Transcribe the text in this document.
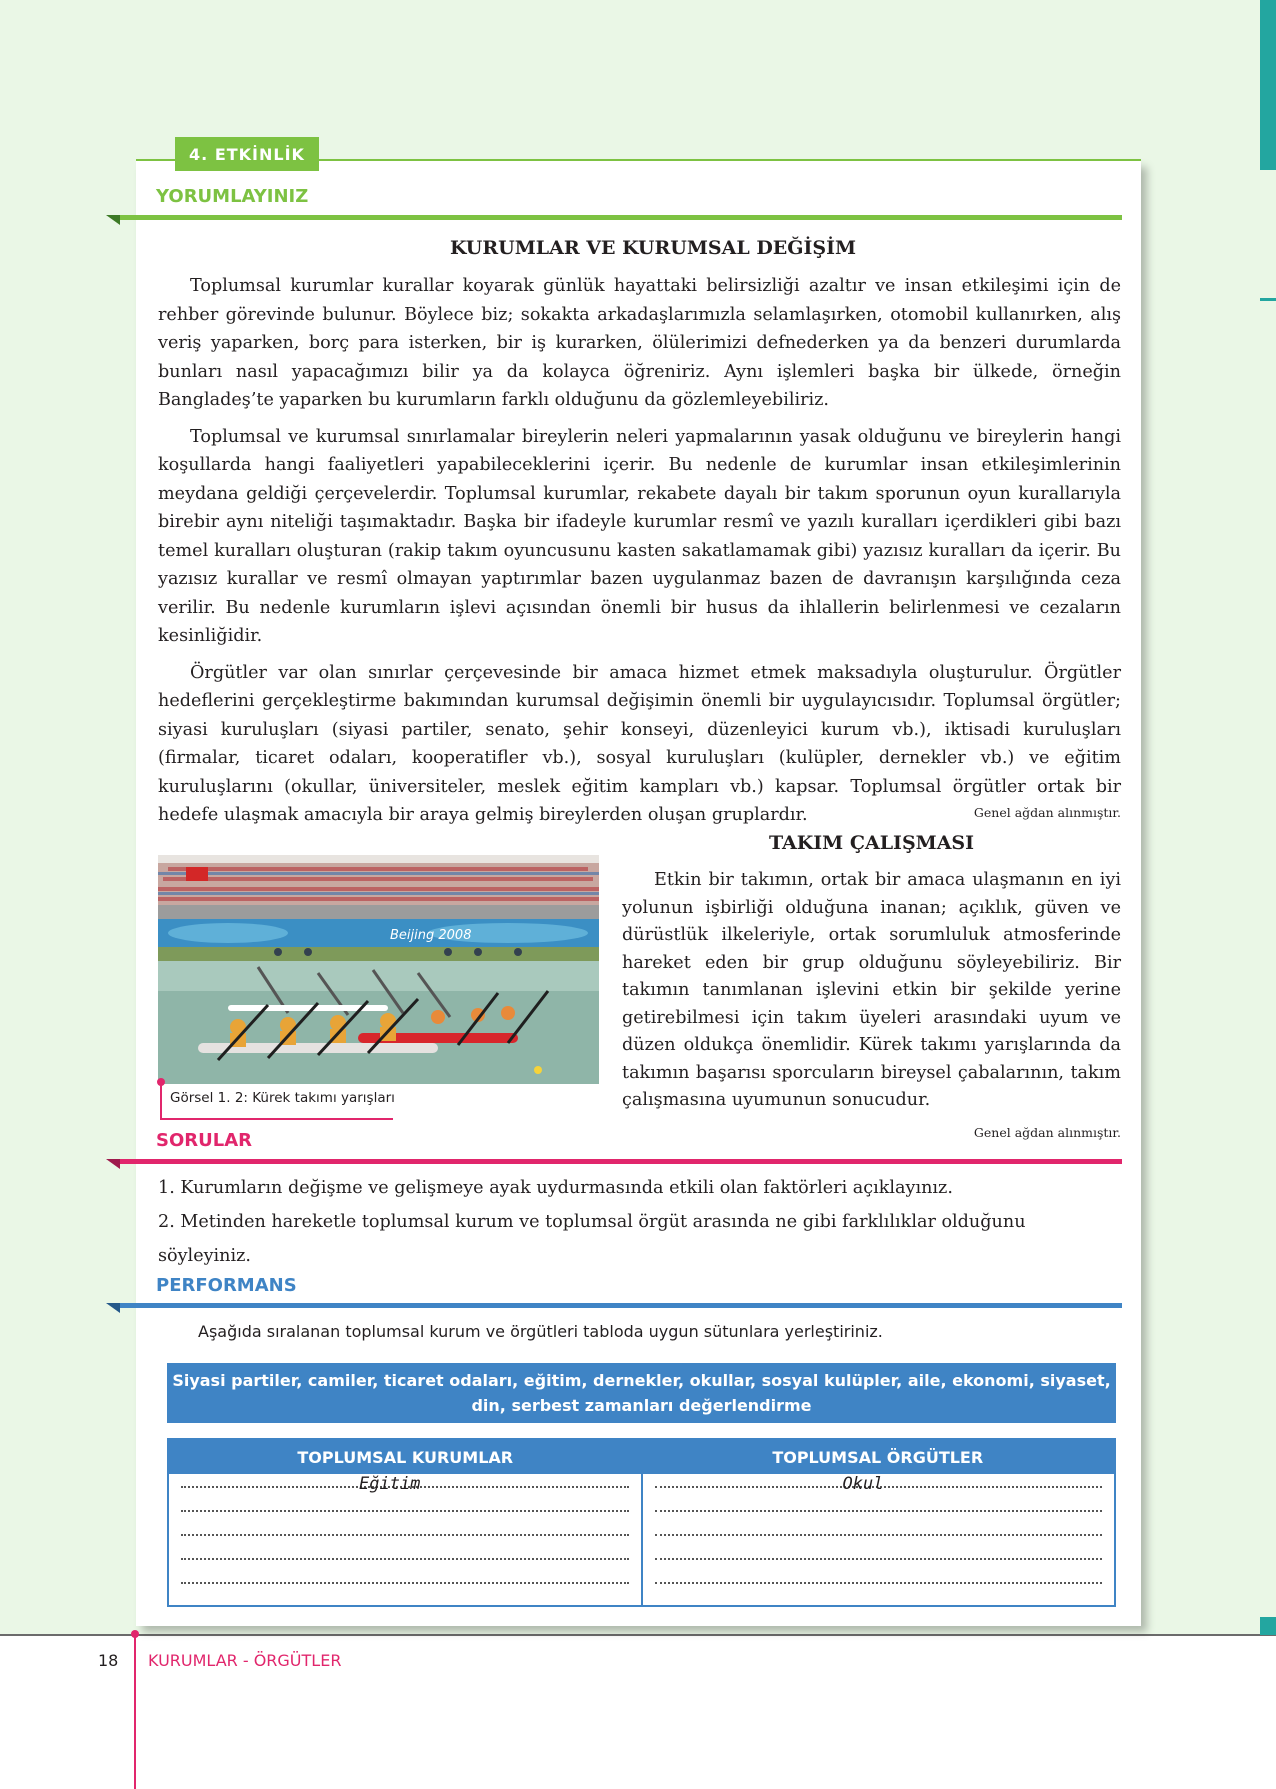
4. ETKİNLİK
YORUMLAYINIZ
KURUMLAR VE KURUMSAL DEĞİŞİM

Toplumsal kurumlar kurallar koyarak günlük hayattaki belirsizliği azaltır ve insan etkileşimi için de rehber görevinde bulunur. Böylece biz; sokakta arkadaşlarımızla selamlaşırken, otomobil kullanırken, alış veriş yaparken, borç para isterken, bir iş kurarken, ölülerimizi defnederken ya da benzeri durumlarda bunları nasıl yapacağımızı bilir ya da kolayca öğreniriz. Aynı işlemleri başka bir ülkede, örneğin Bangladeş’te yaparken bu kurumların farklı olduğunu da gözlemleyebiliriz.

Toplumsal ve kurumsal sınırlamalar bireylerin neleri yapmalarının yasak olduğunu ve bireylerin hangi koşullarda hangi faaliyetleri yapabileceklerini içerir. Bu nedenle de kurumlar insan etkileşimlerinin meydana geldiği çerçevelerdir. Toplumsal kurumlar, rekabete dayalı bir takım sporunun oyun kurallarıyla birebir aynı niteliği taşımaktadır. Başka bir ifadeyle kurumlar resmî ve yazılı kuralları içerdikleri gibi bazı temel kuralları oluşturan (rakip takım oyuncusunu kasten sakatlamamak gibi) yazısız kuralları da içerir. Bu yazısız kurallar ve resmî olmayan yaptırımlar bazen uygulanmaz bazen de davranışın karşılığında ceza verilir. Bu nedenle kurumların işlevi açısından önemli bir husus da ihlallerin belirlenmesi ve cezaların kesinliğidir.

Örgütler var olan sınırlar çerçevesinde bir amaca hizmet etmek maksadıyla oluşturulur. Örgütler hedeflerini gerçekleştirme bakımından kurumsal değişimin önemli bir uygulayıcısıdır. Toplumsal örgütler; siyasi kuruluşları (siyasi partiler, senato, şehir konseyi, düzenleyici kurum vb.), iktisadi kuruluşları (firmalar, ticaret odaları, kooperatifler vb.), sosyal kuruluşları (kulüpler, dernekler vb.) ve eğitim kuruluşlarını (okullar, üniversiteler, meslek eğitim kampları vb.) kapsar. Toplumsal örgütler ortak bir hedefe ulaşmak amacıyla bir araya gelmiş bireylerden oluşan gruplardır.	Genel ağdan alınmıştır.
Beijing 2008
Görsel 1. 2: Kürek takımı yarışları
TAKIM ÇALIŞMASI

Etkin bir takımın, ortak bir amaca ulaşmanın en iyi yolunun işbirliği olduğuna inanan; açıklık, güven ve dürüstlük ilkeleriyle, ortak sorumluluk atmosferinde hareket eden bir grup olduğunu söyleyebiliriz. Bir takımın tanımlanan işlevini etkin bir şekilde yerine getirebilmesi için takım üyeleri arasındaki uyum ve düzen oldukça önemlidir. Kürek takımı yarışlarında da takımın başarısı sporcuların bireysel çabalarının, takım çalışmasına uyumunun sonucudur.

Genel ağdan alınmıştır.
SORULAR
1. Kurumların değişme ve gelişmeye ayak uydurmasında etkili olan faktörleri açıklayınız.
2. Metinden hareketle toplumsal kurum ve toplumsal örgüt arasında ne gibi farklılıklar olduğunu söyleyiniz.
PERFORMANS
Aşağıda sıralanan toplumsal kurum ve örgütleri tabloda uygun sütunlara yerleştiriniz.
Siyasi partiler, camiler, ticaret odaları, eğitim, dernekler, okullar, sosyal kulüpler, aile, ekonomi, siyaset, din, serbest zamanları değerlendirme
TOPLUMSAL KURUMLAR	TOPLUMSAL ÖRGÜTLER
Eğitim	Okul
18 KURUMLAR - ÖRGÜTLER
